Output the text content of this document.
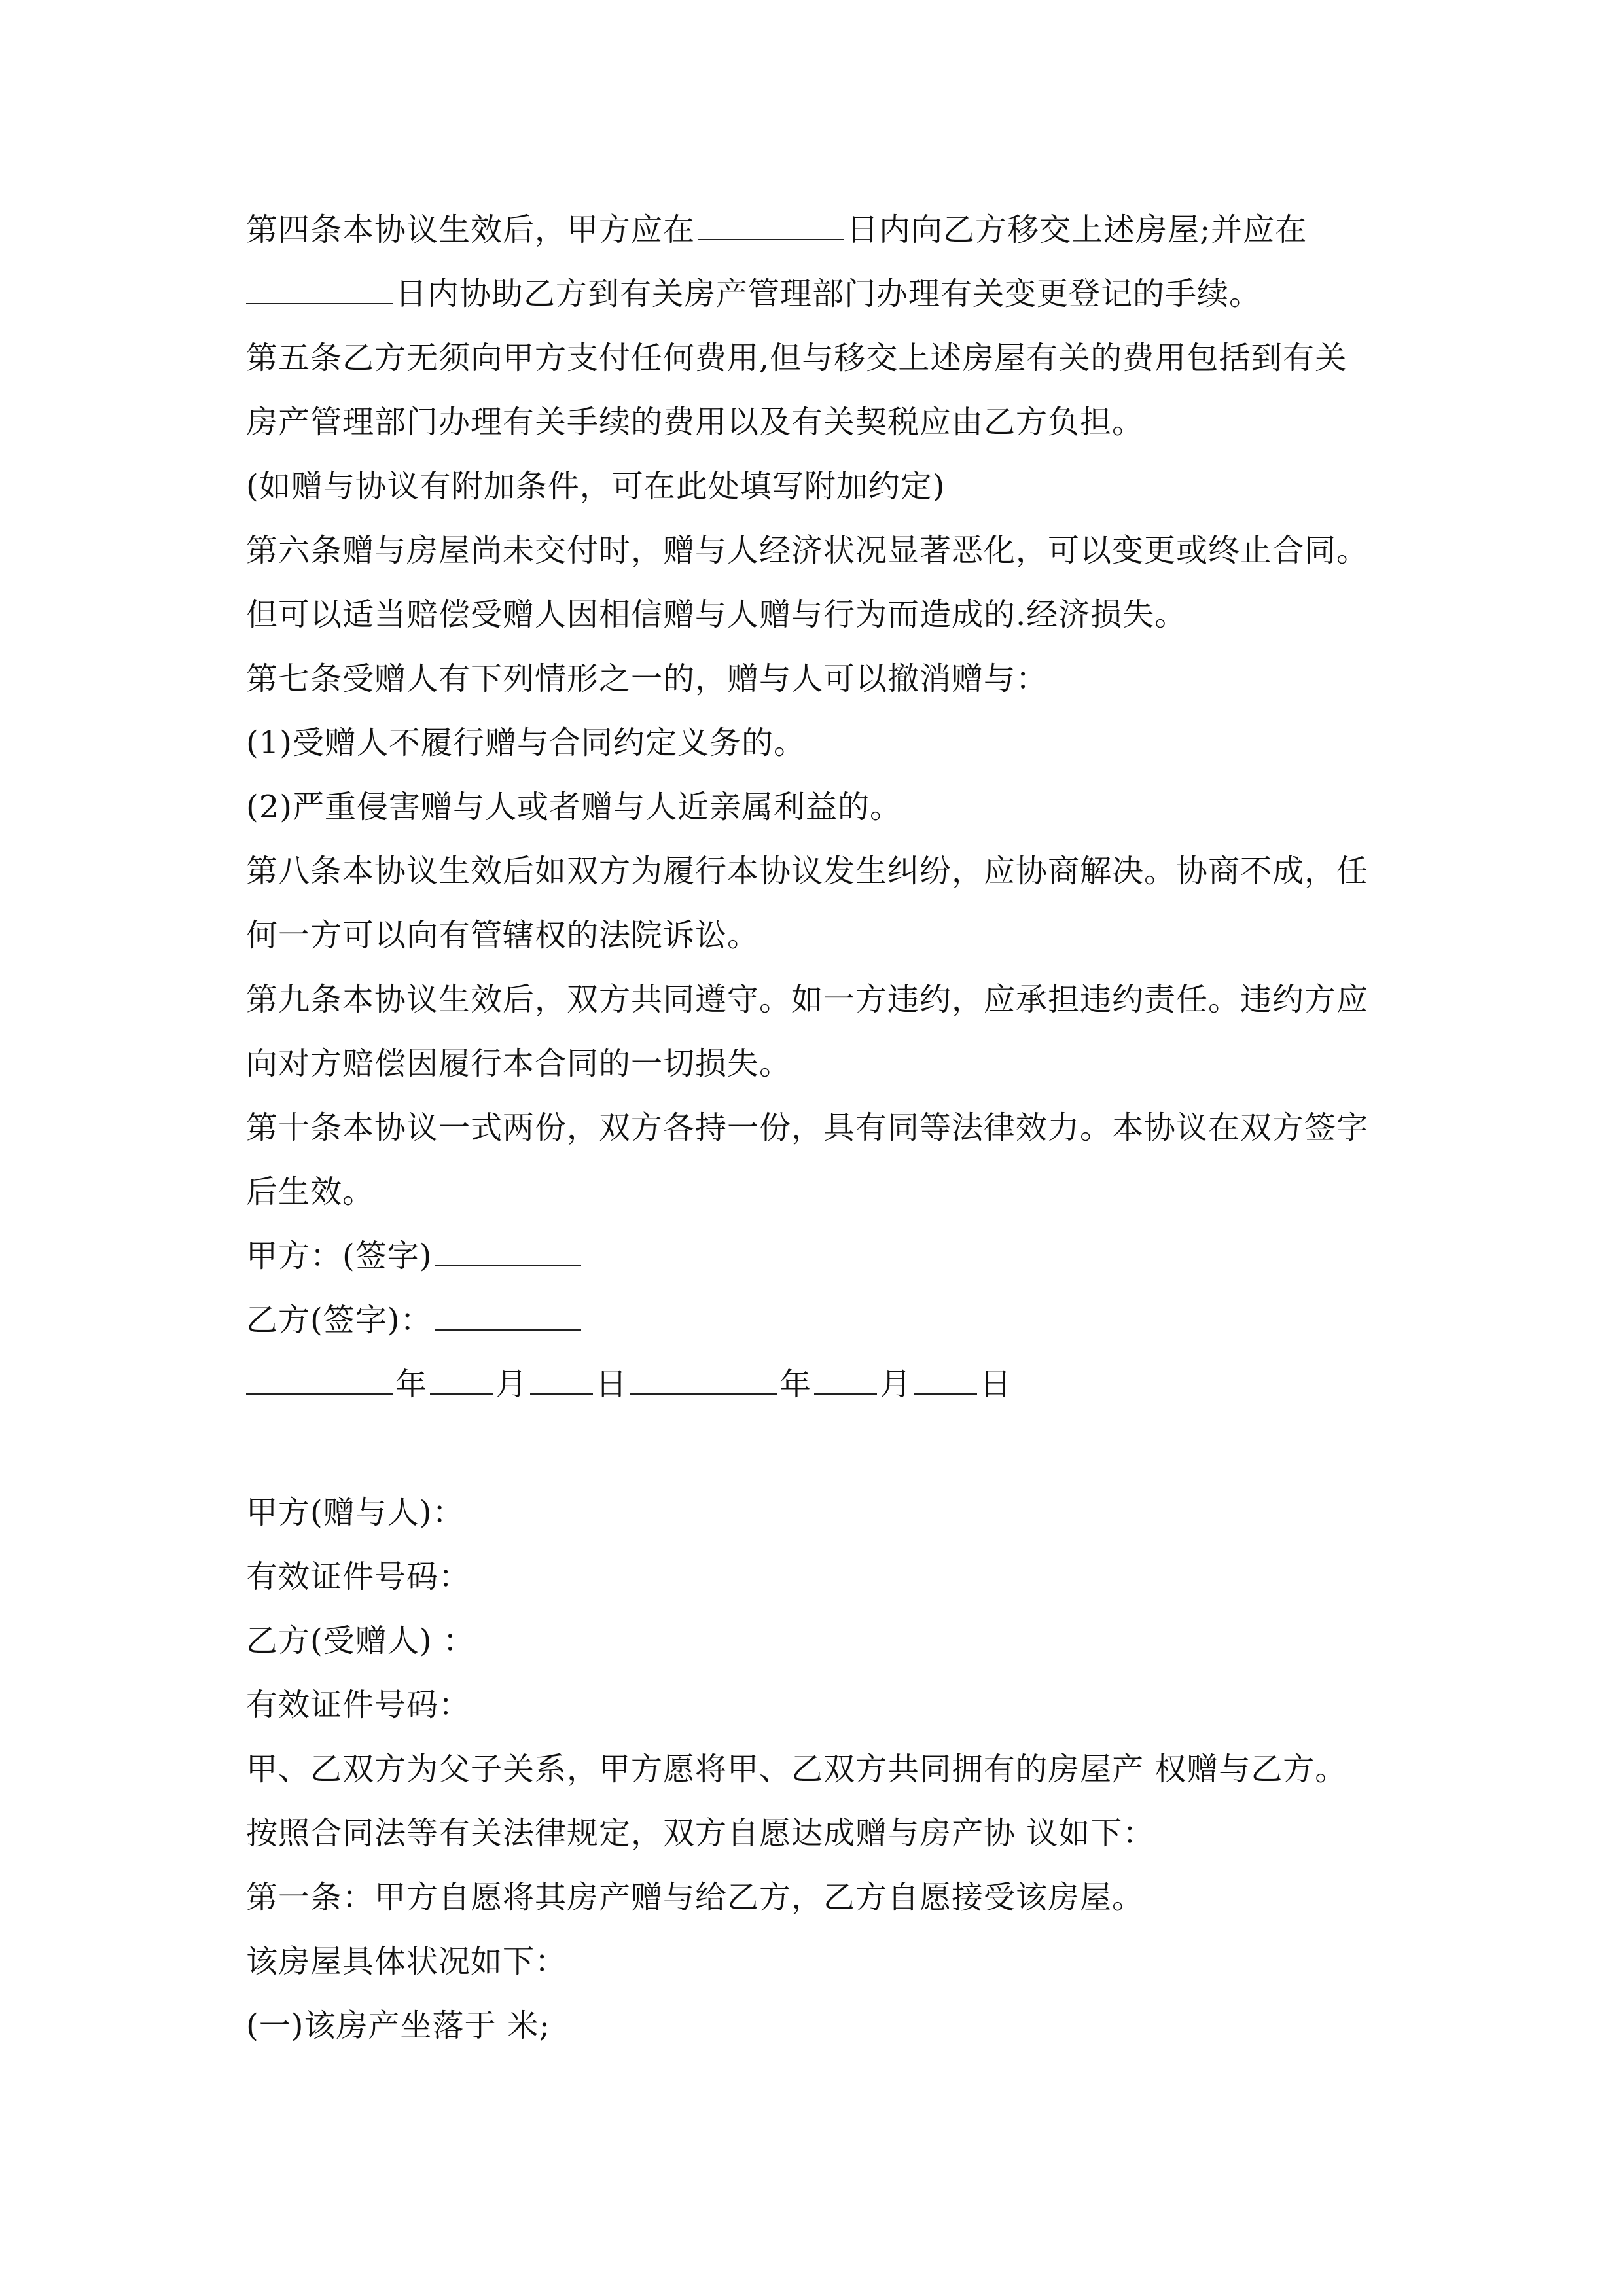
第四条本协议生效后，甲方应在	日内向乙方移交上述房屋;并应在
日内协助乙方到有关房产管理部门办理有关变更登记的手续。
第五条乙方无须向甲方支付任何费用,但与移交上述房屋有关的费用包括到有关
房产管理部门办理有关手续的费用以及有关契税应由乙方负担。
(如赠与协议有附加条件，可在此处填写附加约定)
第六条赠与房屋尚未交付时，赠与人经济状况显著恶化，可以变更或终止合同。
但可以适当赔偿受赠人因相信赠与人赠与行为而造成的.经济损失。
第七条受赠人有下列情形之一的，赠与人可以撤消赠与：
(1)受赠人不履行赠与合同约定义务的。
(2)严重侵害赠与人或者赠与人近亲属利益的。
第八条本协议生效后如双方为履行本协议发生纠纷，应协商解决。协商不成，任
何一方可以向有管辖权的法院诉讼。
第九条本协议生效后，双方共同遵守。如一方违约，应承担违约责任。违约方应
向对方赔偿因履行本合同的一切损失。
第十条本协议一式两份，双方各持一份，具有同等法律效力。本协议在双方签字
后生效。
甲方：(签字)
乙方(签字)：
年 月 日	年 月 日
甲方(赠与人)：
有效证件号码：
乙方(受赠人) ：
有效证件号码：
甲、乙双方为父子关系，甲方愿将甲、乙双方共同拥有的房屋产 权赠与乙方。
按照合同法等有关法律规定，双方自愿达成赠与房产协 议如下：
第一条：甲方自愿将其房产赠与给乙方，乙方自愿接受该房屋。
该房屋具体状况如下：
(一)该房产坐落于 米;
